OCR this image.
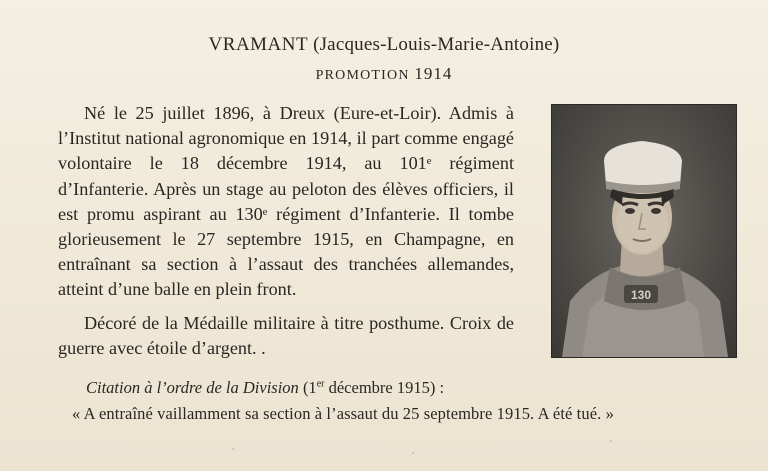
VRAMANT (Jacques-Louis-Marie-Antoine)
PROMOTION 1914

Né le 25 juillet 1896, à Dreux (Eure-et-Loir). Admis à l’Institut national agronomique en 1914, il part comme engagé volontaire le 18 décembre 1914, au 101ᵉ régiment d’Infanterie. Après un stage au peloton des élèves officiers, il est promu aspirant au 130ᵉ régiment d’Infanterie. Il tombe glorieusement le 27 septembre 1915, en Champagne, en entraînant sa section à l’assaut des tranchées allemandes, atteint d’une balle en plein front.

Décoré de la Médaille militaire à titre posthume. Croix de guerre avec étoile d’argent. .

130
Citation à l’ordre de la Division (1er décembre 1915) :
« A entraîné vaillamment sa section à l’assaut du 25 septembre 1915. A été tué. »
